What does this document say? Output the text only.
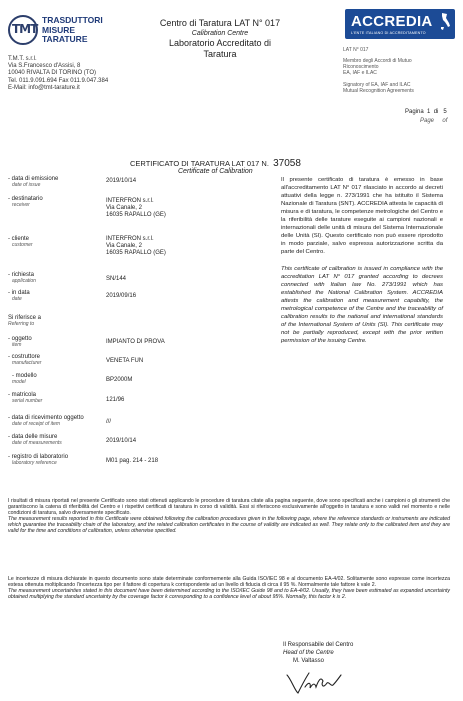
TMT
TRASDUTTORI
MISURE
TARATURE
T.M.T. s.r.l.
Via S.Francesco d'Assisi, 8
10040 RIVALTA DI TORINO (TO)
Tel. 011.9.091.694 Fax 011.9.047.384
E-Mail: info@tmt-tarature.it
Centro di Taratura LAT N° 017
Calibration Centre
Laboratorio Accreditato di
Taratura
ACCREDIA
L'ENTE ITALIANO DI ACCREDITAMENTO
LAT N° 017
Membro degli Accordi di Mutuo
Riconoscimento
EA, IAF e ILAC
Signatory of EA, IAF and ILAC
Mutual Recognition Agreements
Pagina 1 di 5
Page of
CERTIFICATO DI TARATURA LAT 017 N. 37058
Certificate of Calibration
- data di emissione
date of issue
2019/10/14
- destinatario
receiver
INTERFRON s.r.l.
Via Canale, 2
16035 RAPALLO (GE)
- cliente
customer
INTERFRON s.r.l.
Via Canale, 2
16035 RAPALLO (GE)
- richiesta
application	SN/144
- in data
date	2019/09/16
Si riferisce a
Referring to
- oggetto
item	IMPIANTO DI PROVA
- costruttore
manufacturer	VENETA FUN
- modello
model	BP2000M
- matricola
serial number	121/96
- data di ricevimento oggetto
date of receipt of item	///
- data delle misure
date of measurements	2019/10/14
- registro di laboratorio
laboratory reference	M01 pag. 214 - 218
Il presente certificato di taratura è emesso in base all'accreditamento LAT N° 017 rilasciato in accordo ai decreti attuativi della legge n. 273/1991 che ha istituito il Sistema Nazionale di Taratura (SNT). ACCREDIA attesta le capacità di misura e di taratura, le competenze metrologiche del Centro e la riferibilità delle tarature eseguite ai campioni nazionali e internazionali delle unità di misura del Sistema Internazionale delle Unità (SI). Questo certificato non può essere riprodotto in modo parziale, salvo espressa autorizzazione scritta da parte del Centro.
This certificate of calibration is issued in compliance with the accreditation LAT N° 017 granted according to decrees connected with Italian law No. 273/1991 which has established the National Calibration System. ACCREDIA attests the calibration and measurement capability, the metrological competence of the Centre and the traceability of calibration results to the national and international standards of the International System of Units (SI). This certificate may not be partially reproduced, except with the prior written permission of the issuing Centre.
I risultati di misura riportati nel presente Certificato sono stati ottenuti applicando le procedure di taratura citate alla pagina seguente, dove sono specificati anche i campioni o gli strumenti che garantiscono la catena di riferibilità del Centro e i rispettivi certificati di taratura in corso di validità. Essi si riferiscono esclusivamente all'oggetto in taratura e sono validi nel momento e nelle condizioni di taratura, salvo diversamente specificato.
The measurement results reported in this Certificate were obtained following the calibration procedures given in the following page, where the reference standards or instruments are indicated which guarantee the traceability chain of the laboratory, and the related calibration certificates in the course of validity are indicated as well. They relate only to the calibrated item and they are valid for the time and conditions of calibration, unless otherwise specified.
Le incertezze di misura dichiarate in questo documento sono state determinate conformemente alla Guida ISO/IEC 98 e al documento EA-4/02. Solitamente sono espresse come incertezza estesa ottenuta moltiplicando l'incertezza tipo per il fattore di copertura k corrispondente ad un livello di fiducia di circa il 95 %. Normalmente tale fattore k vale 2.
The measurement uncertainties stated in this document have been determined according to the ISO/IEC Guide 98 and to EA-4/02. Usually, they have been estimated as expanded uncertainty obtained multiplying the standard uncertainty by the coverage factor k corresponding to a confidence level of about 95%. Normally, this factor k is 2.
Il Responsabile del Centro
Head of the Centre
M. Valtasso
